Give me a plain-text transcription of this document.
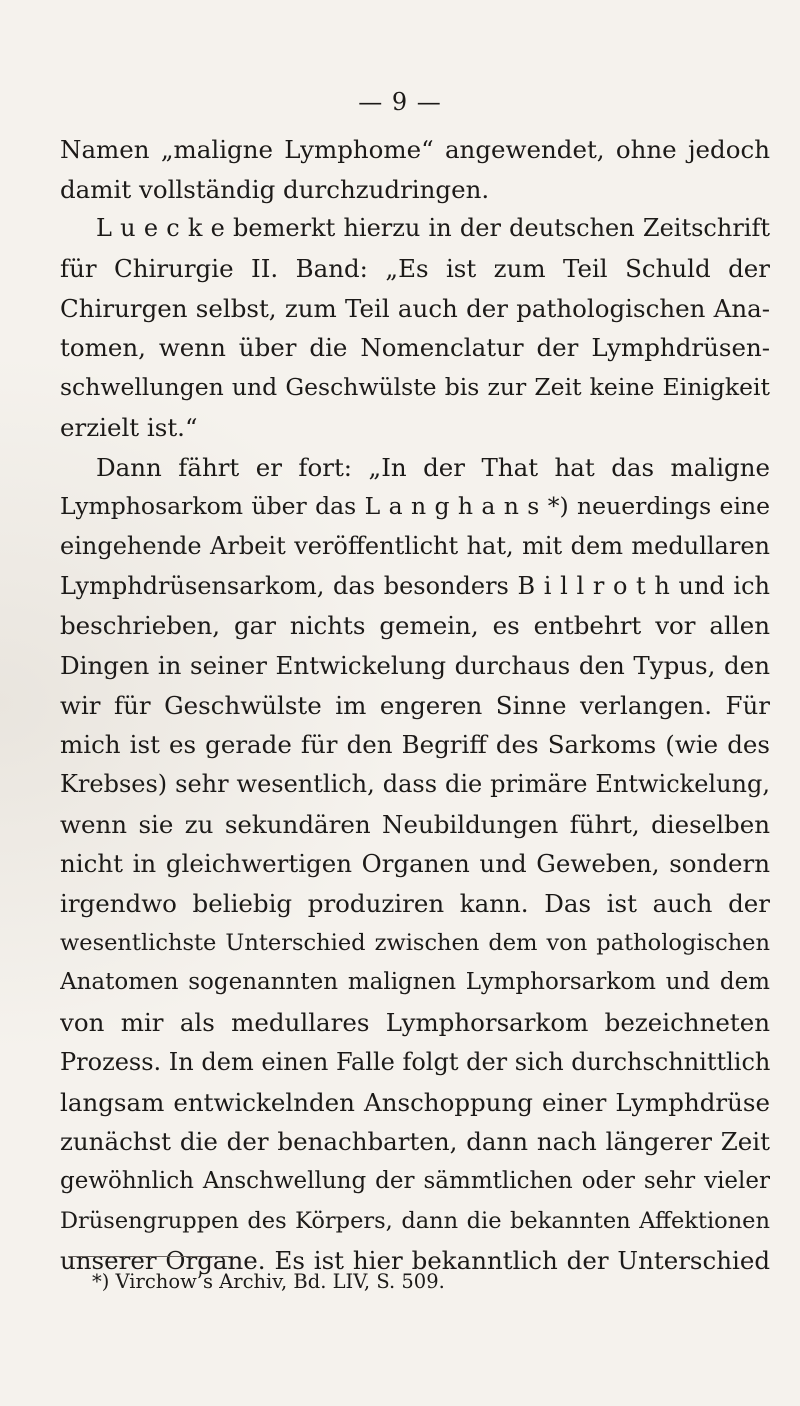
— 9 —
Namen „maligne Lymphome“ angewendet, ohne jedoch
damit vollständig durchzudringen.
L u e c k e bemerkt hierzu in der deutschen Zeitschrift
für Chirurgie II. Band: „Es ist zum Teil Schuld der
Chirurgen selbst, zum Teil auch der pathologischen Ana-
tomen, wenn über die Nomenclatur der Lymphdrüsen-
schwellungen und Geschwülste bis zur Zeit keine Einigkeit
erzielt ist.“
Dann fährt er fort: „In der That hat das maligne
Lymphosarkom über das L a n g h a n s *) neuerdings eine
eingehende Arbeit veröffentlicht hat, mit dem medullaren
Lymphdrüsensarkom, das besonders B i l l r o t h und ich
beschrieben, gar nichts gemein, es entbehrt vor allen
Dingen in seiner Entwickelung durchaus den Typus, den
wir für Geschwülste im engeren Sinne verlangen. Für
mich ist es gerade für den Begriff des Sarkoms (wie des
Krebses) sehr wesentlich, dass die primäre Entwickelung,
wenn sie zu sekundären Neubildungen führt, dieselben
nicht in gleichwertigen Organen und Geweben, sondern
irgendwo beliebig produziren kann. Das ist auch der
wesentlichste Unterschied zwischen dem von pathologischen
Anatomen sogenannten malignen Lymphorsarkom und dem
von mir als medullares Lymphorsarkom bezeichneten
Prozess. In dem einen Falle folgt der sich durchschnittlich
langsam entwickelnden Anschoppung einer Lymphdrüse
zunächst die der benachbarten, dann nach längerer Zeit
gewöhnlich Anschwellung der sämmtlichen oder sehr vieler
Drüsengruppen des Körpers, dann die bekannten Affektionen
unserer Organe. Es ist hier bekanntlich der Unterschied
*) Virchow’s Archiv, Bd. LIV, S. 509.
